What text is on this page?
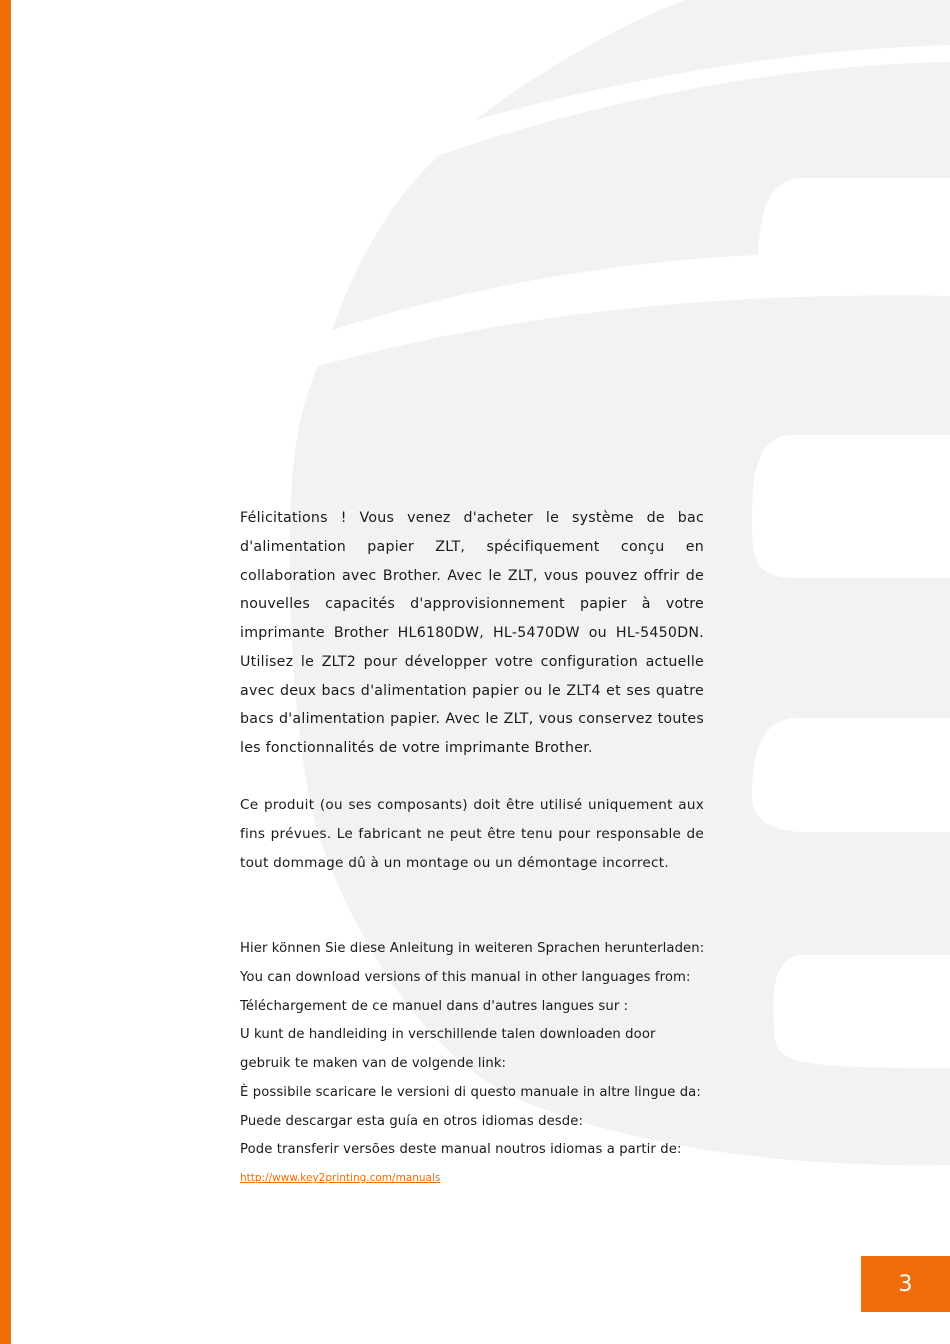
Félicitations ! Vous venez d'acheter le système de bac d'alimentation papier ZLT, spécifiquement conçu en collaboration avec Brother. Avec le ZLT, vous pouvez offrir de nouvelles capacités d'approvisionnement papier à votre imprimante Brother HL6180DW, HL-5470DW ou HL-5450DN. Utilisez le ZLT2 pour développer votre configuration actuelle avec deux bacs d'alimentation papier ou le ZLT4 et ses quatre bacs d'alimentation papier. Avec le ZLT, vous conservez toutes les fonctionnalités de votre imprimante Brother.

Ce produit (ou ses composants) doit être utilisé uniquement aux fins prévues. Le fabricant ne peut être tenu pour responsable de tout dommage dû à un montage ou un démontage incorrect.

Hier können Sie diese Anleitung in weiteren Sprachen herunterladen:
You can download versions of this manual in other languages from:
Téléchargement de ce manuel dans d'autres langues sur :
U kunt de handleiding in verschillende talen downloaden door gebruik te maken van de volgende link:
È possibile scaricare le versioni di questo manuale in altre lingue da:
Puede descargar esta guía en otros idiomas desde:
Pode transferir versões deste manual noutros idiomas a partir de:
http://www.key2printing.com/manuals
3
